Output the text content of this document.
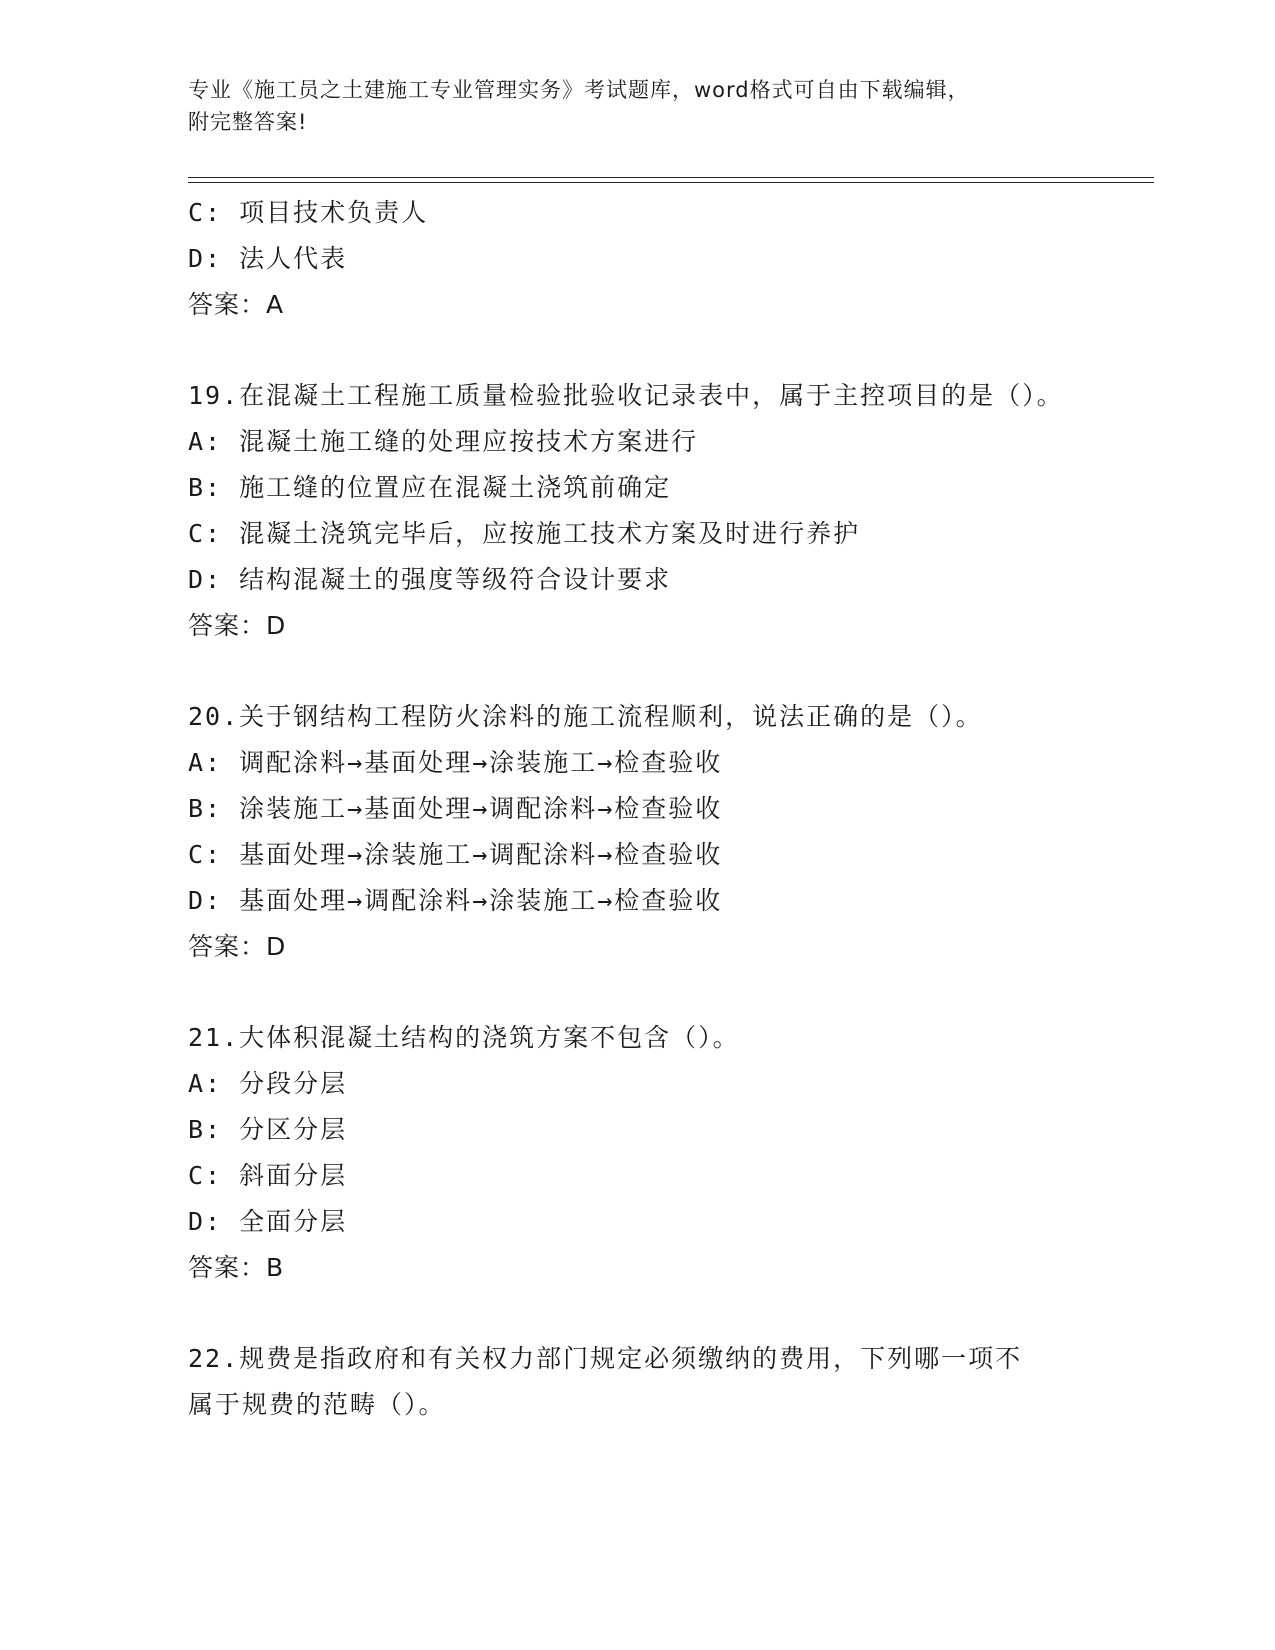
专业《施工员之土建施工专业管理实务》考试题库，word格式可自由下载编辑，

附完整答案!

C: 项目技术负责人
D: 法人代表
答案：A
19.在混凝土工程施工质量检验批验收记录表中，属于主控项目的是（）。
A: 混凝土施工缝的处理应按技术方案进行
B: 施工缝的位置应在混凝土浇筑前确定
C: 混凝土浇筑完毕后，应按施工技术方案及时进行养护
D: 结构混凝土的强度等级符合设计要求
答案：D
20.关于钢结构工程防火涂料的施工流程顺利，说法正确的是（）。
A: 调配涂料→基面处理→涂装施工→检查验收
B: 涂装施工→基面处理→调配涂料→检查验收
C: 基面处理→涂装施工→调配涂料→检查验收
D: 基面处理→调配涂料→涂装施工→检查验收
答案：D
21.大体积混凝土结构的浇筑方案不包含（）。
A: 分段分层
B: 分区分层
C: 斜面分层
D: 全面分层
答案：B
22.规费是指政府和有关权力部门规定必须缴纳的费用，下列哪一项不
属于规费的范畴（）。
